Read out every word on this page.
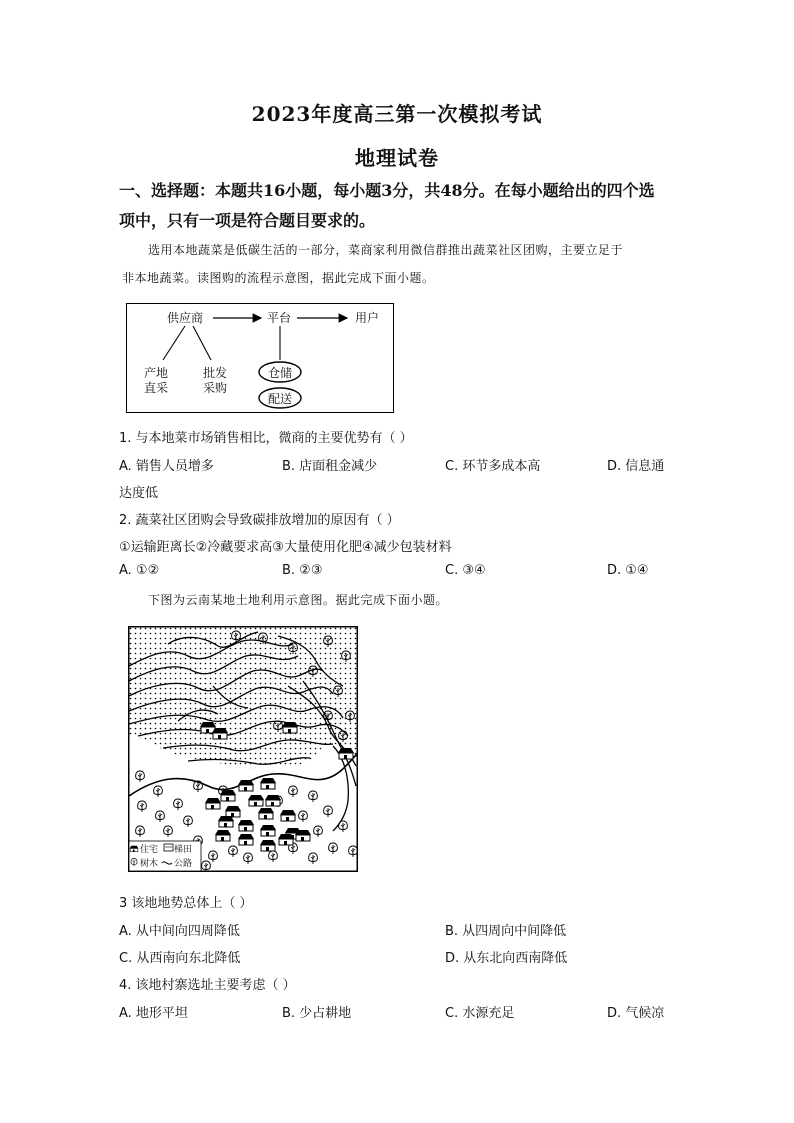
2023年度高三第一次模拟考试
地理试卷
一、选择题：本题共16小题，每小题3分，共48分。在每小题给出的四个选
项中，只有一项是符合题目要求的。
选用本地蔬菜是低碳生活的一部分，菜商家利用微信群推出蔬菜社区团购，主要立足于
非本地蔬菜。读图购的流程示意图，据此完成下面小题。
供应商	平台	用户
产地
直采
批发
采购
仓储
配送
1. 与本地菜市场销售相比，微商的主要优势有（ ）
A. 销售人员增多	B. 店面租金减少	C. 环节多成本高	D. 信息通
达度低
2. 蔬菜社区团购会导致碳排放增加的原因有（ ）
①运输距离长②冷藏要求高③大量使用化肥④减少包装材料
A. ①②	B. ②③	C. ③④	D. ①④
下图为云南某地土地利用示意图。据此完成下面小题。
住宅 梯田
树木 公路
3 该地地势总体上（ ）
A. 从中间向四周降低	B. 从四周向中间降低
C. 从西南向东北降低	D. 从东北向西南降低
4. 该地村寨选址主要考虑（ ）
A. 地形平坦	B. 少占耕地	C. 水源充足	D. 气候凉
